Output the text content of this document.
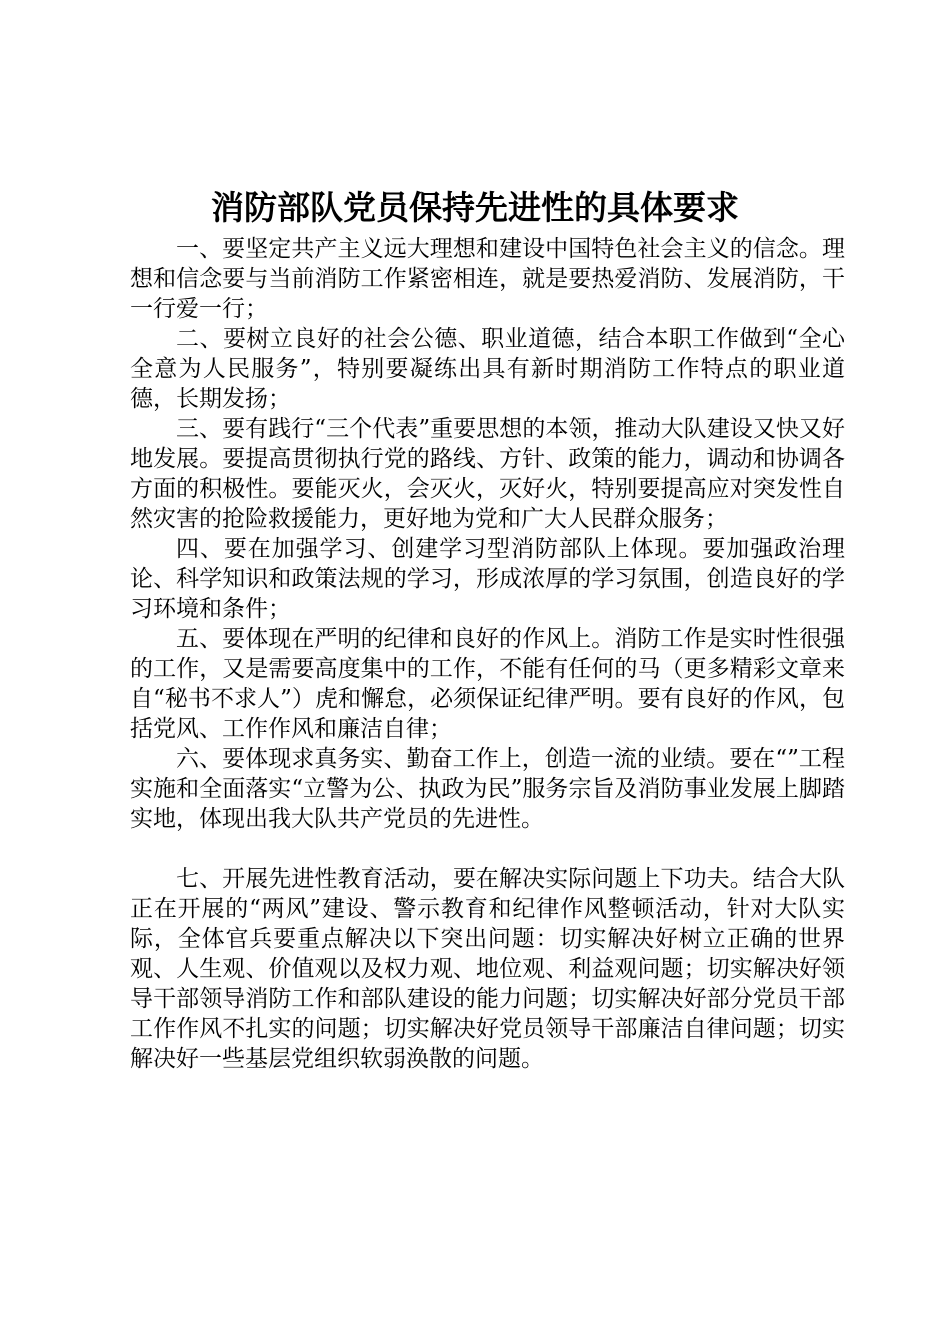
消防部队党员保持先进性的具体要求

一、要坚定共产主义远大理想和建设中国特色社会主义的信念。理想和信念要与当前消防工作紧密相连，就是要热爱消防、发展消防，干一行爱一行；

二、要树立良好的社会公德、职业道德，结合本职工作做到“全心全意为人民服务”，特别要凝练出具有新时期消防工作特点的职业道德，长期发扬；

三、要有践行“三个代表”重要思想的本领，推动大队建设又快又好地发展。要提高贯彻执行党的路线、方针、政策的能力，调动和协调各方面的积极性。要能灭火，会灭火，灭好火，特别要提高应对突发性自然灾害的抢险救援能力，更好地为党和广大人民群众服务；

四、要在加强学习、创建学习型消防部队上体现。要加强政治理论、科学知识和政策法规的学习，形成浓厚的学习氛围，创造良好的学习环境和条件；

五、要体现在严明的纪律和良好的作风上。消防工作是实时性很强的工作，又是需要高度集中的工作，不能有任何的马（更多精彩文章来自“秘书不求人”）虎和懈怠，必须保证纪律严明。要有良好的作风，包括党风、工作作风和廉洁自律；

六、要体现求真务实、勤奋工作上，创造一流的业绩。要在“”工程实施和全面落实“立警为公、执政为民”服务宗旨及消防事业发展上脚踏实地，体现出我大队共产党员的先进性。

七、开展先进性教育活动，要在解决实际问题上下功夫。结合大队正在开展的“两风”建设、警示教育和纪律作风整顿活动，针对大队实际，全体官兵要重点解决以下突出问题：切实解决好树立正确的世界观、人生观、价值观以及权力观、地位观、利益观问题；切实解决好领导干部领导消防工作和部队建设的能力问题；切实解决好部分党员干部工作作风不扎实的问题；切实解决好党员领导干部廉洁自律问题；切实解决好一些基层党组织软弱涣散的问题。
